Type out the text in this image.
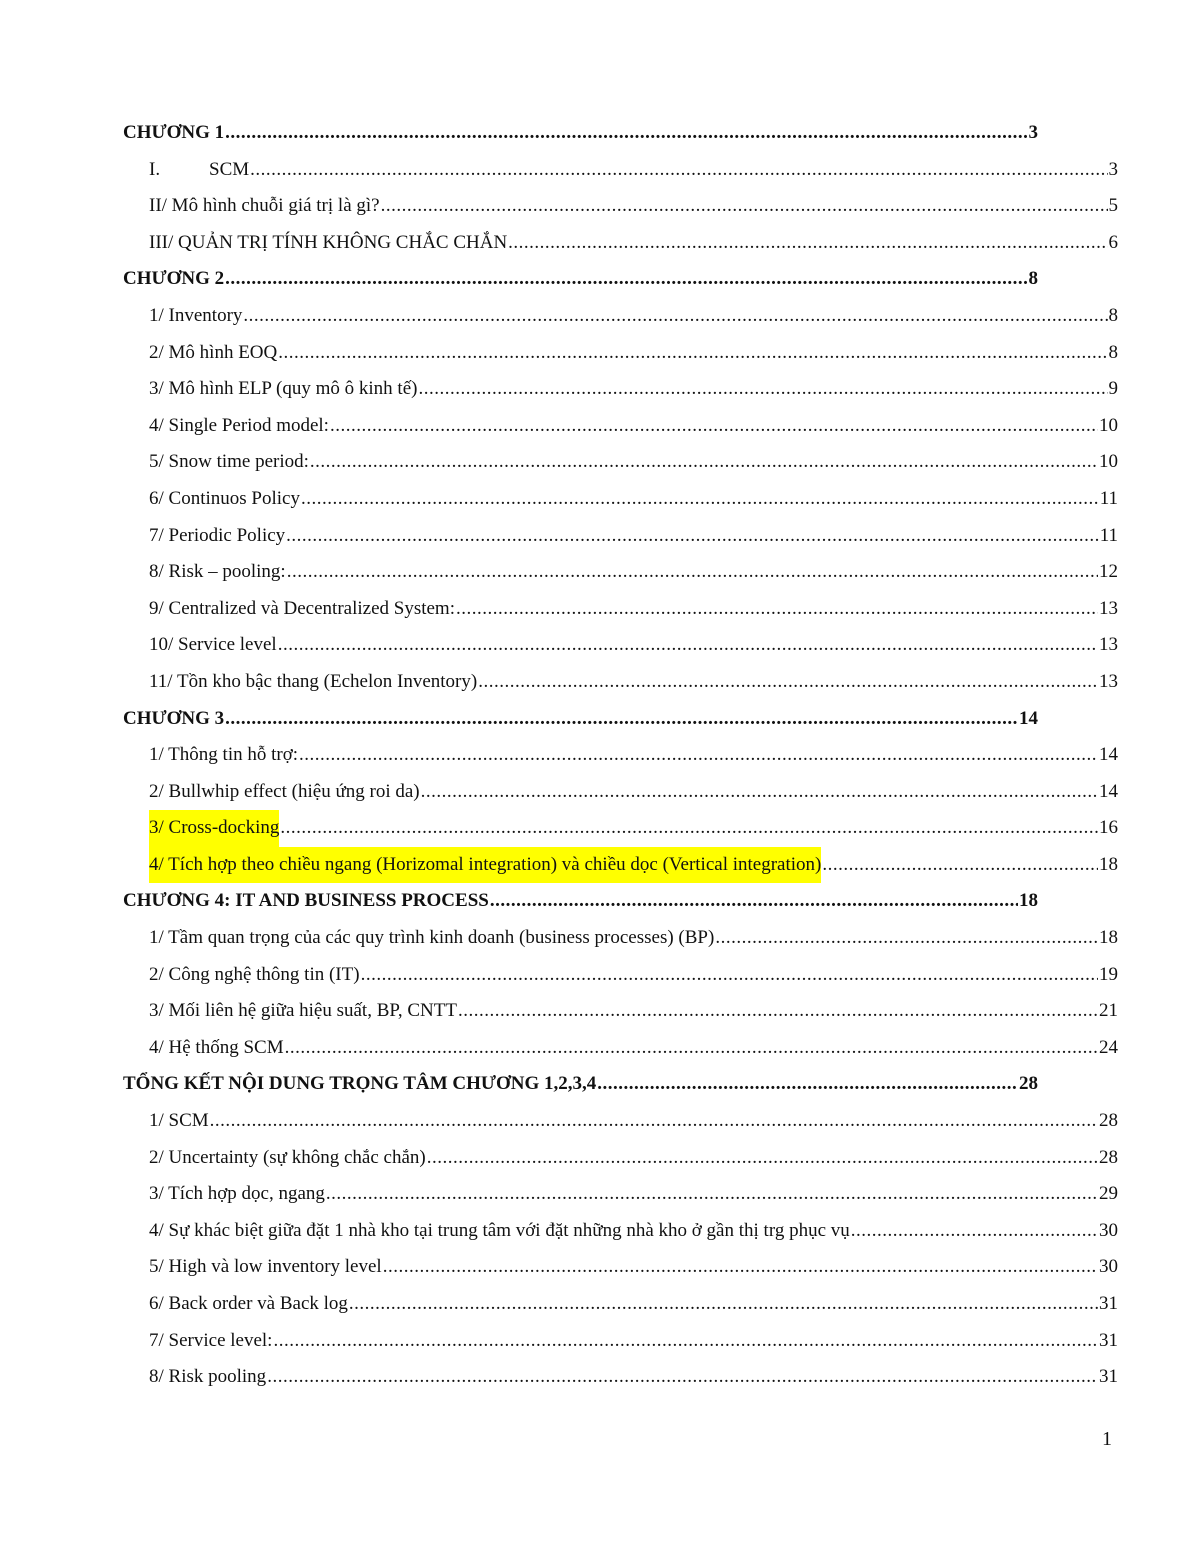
CHƯƠNG 1 .....	3
I.	SCM .....	3
II/ Mô hình chuỗi giá trị là gì? .....	5
III/ QUẢN TRỊ TÍNH KHÔNG CHẮC CHẮN .....	6
CHƯƠNG 2 .....	8
1/ Inventory .....	8
2/ Mô hình EOQ .....	8
3/ Mô hình ELP (quy mô ô kinh tế) .....	9
4/ Single Period model: .....	10
5/ Snow time period: .....	10
6/ Continuos Policy .....	11
7/ Periodic Policy .....	11
8/ Risk – pooling: .....	12
9/ Centralized và Decentralized System: .....	13
10/ Service level .....	13
11/ Tồn kho bậc thang (Echelon Inventory) .....	13
CHƯƠNG 3 .....	14
1/ Thông tin hỗ trợ: .....	14
2/ Bullwhip effect (hiệu ứng roi da) .....	14
3/ Cross-docking .....	16
4/ Tích hợp theo chiều ngang (Horizomal integration) và chiều dọc (Vertical integration) .....	18
CHƯƠNG 4: IT AND BUSINESS PROCESS .....	18
1/ Tầm quan trọng của các quy trình kinh doanh (business processes) (BP) .....	18
2/ Công nghệ thông tin (IT) .....	19
3/ Mối liên hệ giữa hiệu suất, BP, CNTT .....	21
4/ Hệ thống SCM .....	24
TỔNG KẾT NỘI DUNG TRỌNG TÂM CHƯƠNG 1,2,3,4 .....	28
1/ SCM .....	28
2/ Uncertainty (sự không chắc chắn) .....	28
3/ Tích hợp dọc, ngang .....	29
4/ Sự khác biệt giữa đặt 1 nhà kho tại trung tâm với đặt những nhà kho ở gần thị trg phục vụ .....	30
5/ High và low inventory level .....	30
6/ Back order và Back log .....	31
7/ Service level: .....	31
8/ Risk pooling .....	31
1
